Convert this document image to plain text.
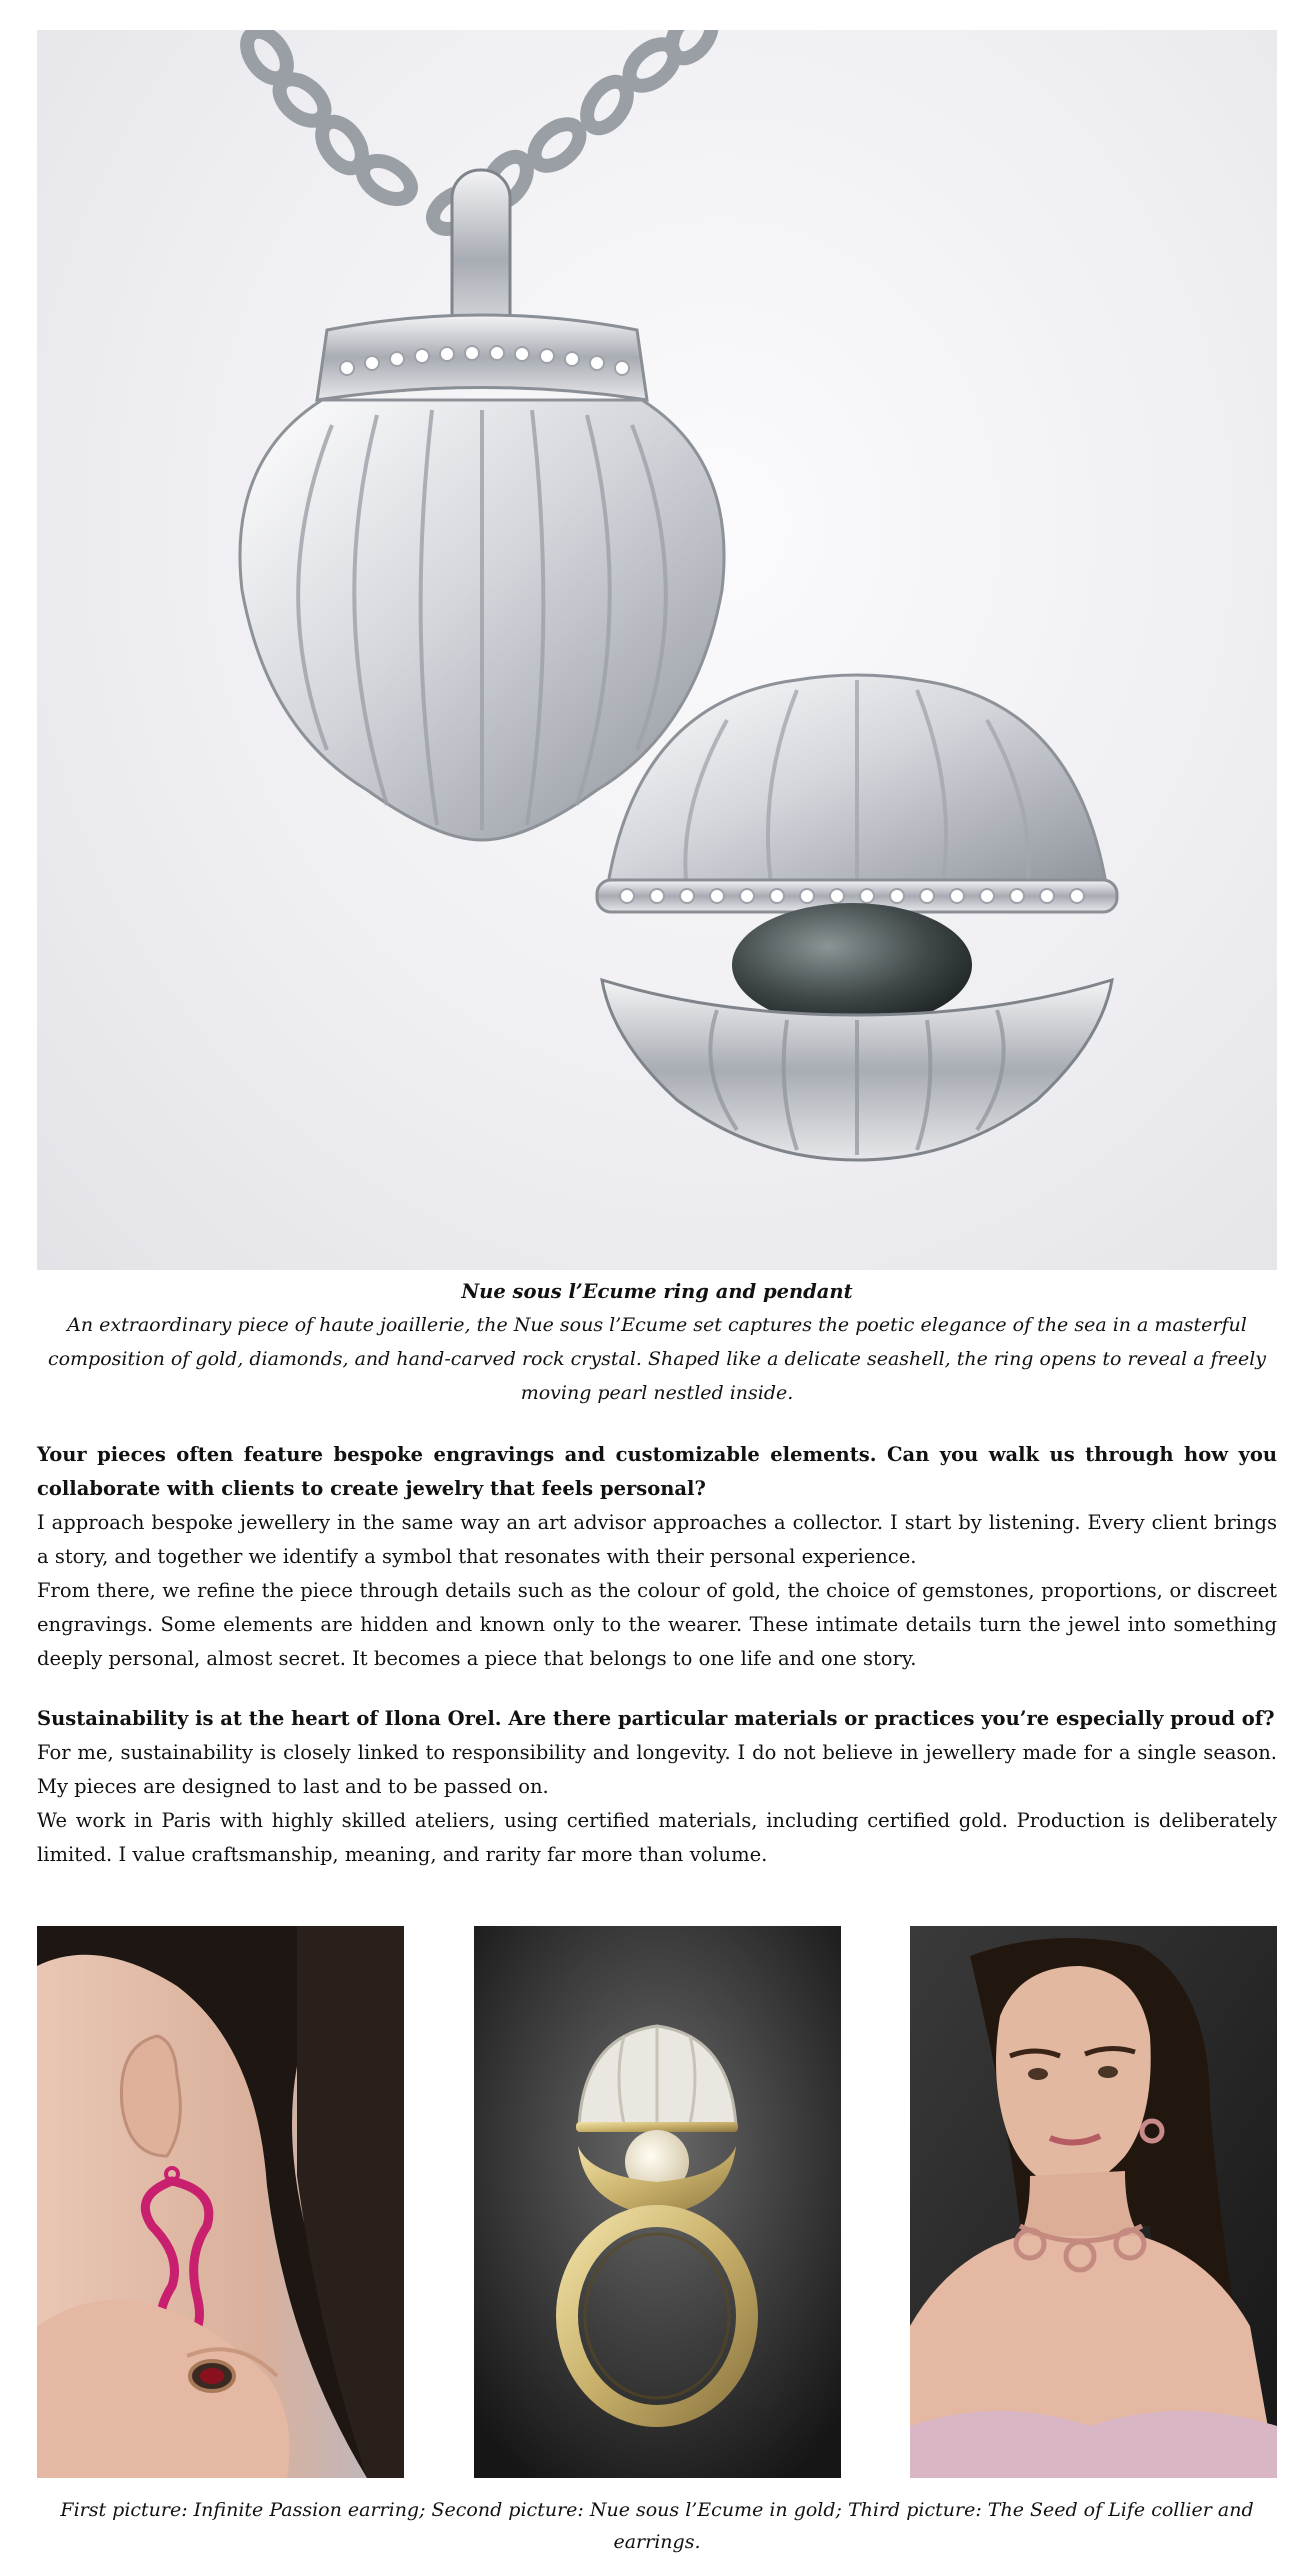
Nue sous l’Ecume ring and pendant
An extraordinary piece of haute joaillerie, the Nue sous l’Ecume set captures the poetic elegance of the sea in a masterful composition of gold, diamonds, and hand-carved rock crystal. Shaped like a delicate seashell, the ring opens to reveal a freely moving pearl nestled inside.
Your pieces often feature bespoke engravings and customizable elements. Can you walk us through how you collaborate with clients to create jewelry that feels personal?

I approach bespoke jewellery in the same way an art advisor approaches a collector. I start by listening. Every client brings a story, and together we identify a symbol that resonates with their personal experience.

From there, we refine the piece through details such as the colour of gold, the choice of gemstones, proportions, or discreet engravings. Some elements are hidden and known only to the wearer. These intimate details turn the jewel into something deeply personal, almost secret. It becomes a piece that belongs to one life and one story.

Sustainability is at the heart of Ilona Orel. Are there particular materials or practices you’re especially proud of?

For me, sustainability is closely linked to responsibility and longevity. I do not believe in jewellery made for a single season. My pieces are designed to last and to be passed on.

We work in Paris with highly skilled ateliers, using certified materials, including certified gold. Production is deliberately limited. I value craftsmanship, meaning, and rarity far more than volume.

First picture: Infinite Passion earring; Second picture: Nue sous l’Ecume in gold; Third picture: The Seed of Life collier and earrings.
